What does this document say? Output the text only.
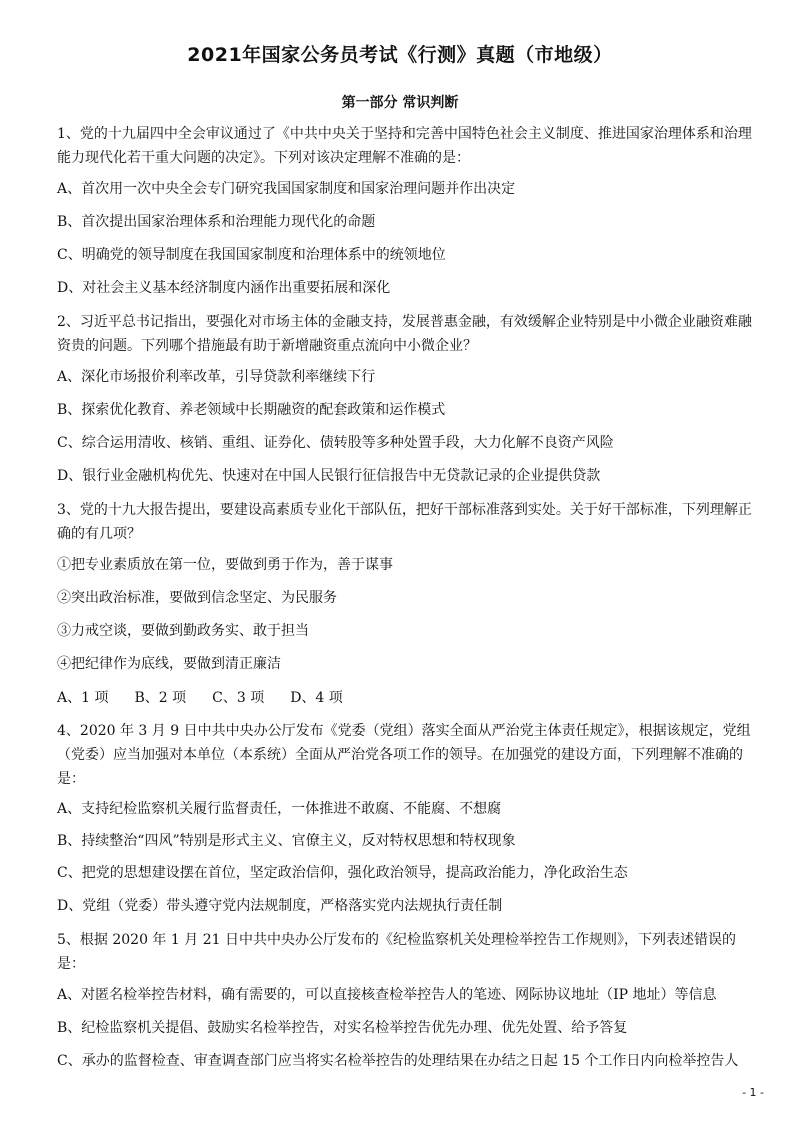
2021年国家公务员考试《行测》真题（市地级）
第一部分 常识判断

1、党的十九届四中全会审议通过了《中共中央关于坚持和完善中国特色社会主义制度、推进国家治理体系和治理能力现代化若干重大问题的决定》。下列对该决定理解不准确的是：

A、首次用一次中央全会专门研究我国国家制度和国家治理问题并作出决定

B、首次提出国家治理体系和治理能力现代化的命题

C、明确党的领导制度在我国国家制度和治理体系中的统领地位

D、对社会主义基本经济制度内涵作出重要拓展和深化

2、习近平总书记指出，要强化对市场主体的金融支持，发展普惠金融，有效缓解企业特别是中小微企业融资难融资贵的问题。下列哪个措施最有助于新增融资重点流向中小微企业？

A、深化市场报价利率改革，引导贷款利率继续下行

B、探索优化教育、养老领域中长期融资的配套政策和运作模式

C、综合运用清收、核销、重组、证券化、债转股等多种处置手段，大力化解不良资产风险

D、银行业金融机构优先、快速对在中国人民银行征信报告中无贷款记录的企业提供贷款

3、党的十九大报告提出，要建设高素质专业化干部队伍，把好干部标准落到实处。关于好干部标准，下列理解正确的有几项？

①把专业素质放在第一位，要做到勇于作为，善于谋事

②突出政治标准，要做到信念坚定、为民服务

③力戒空谈，要做到勤政务实、敢于担当

④把纪律作为底线，要做到清正廉洁

A、1 项 B、2 项 C、3 项 D、4 项

4、2020 年 3 月 9 日中共中央办公厅发布《党委（党组）落实全面从严治党主体责任规定》，根据该规定，党组（党委）应当加强对本单位（本系统）全面从严治党各项工作的领导。在加强党的建设方面，下列理解不准确的是：

A、支持纪检监察机关履行监督责任，一体推进不敢腐、不能腐、不想腐

B、持续整治“四风”特别是形式主义、官僚主义，反对特权思想和特权现象

C、把党的思想建设摆在首位，坚定政治信仰，强化政治领导，提高政治能力，净化政治生态

D、党组（党委）带头遵守党内法规制度，严格落实党内法规执行责任制

5、根据 2020 年 1 月 21 日中共中央办公厅发布的《纪检监察机关处理检举控告工作规则》，下列表述错误的是：

A、对匿名检举控告材料，确有需要的，可以直接核查检举控告人的笔迹、网际协议地址（IP 地址）等信息

B、纪检监察机关提倡、鼓励实名检举控告，对实名检举控告优先办理、优先处置、给予答复

C、承办的监督检查、审查调查部门应当将实名检举控告的处理结果在办结之日起 15 个工作日内向检举控告人

- 1 -
